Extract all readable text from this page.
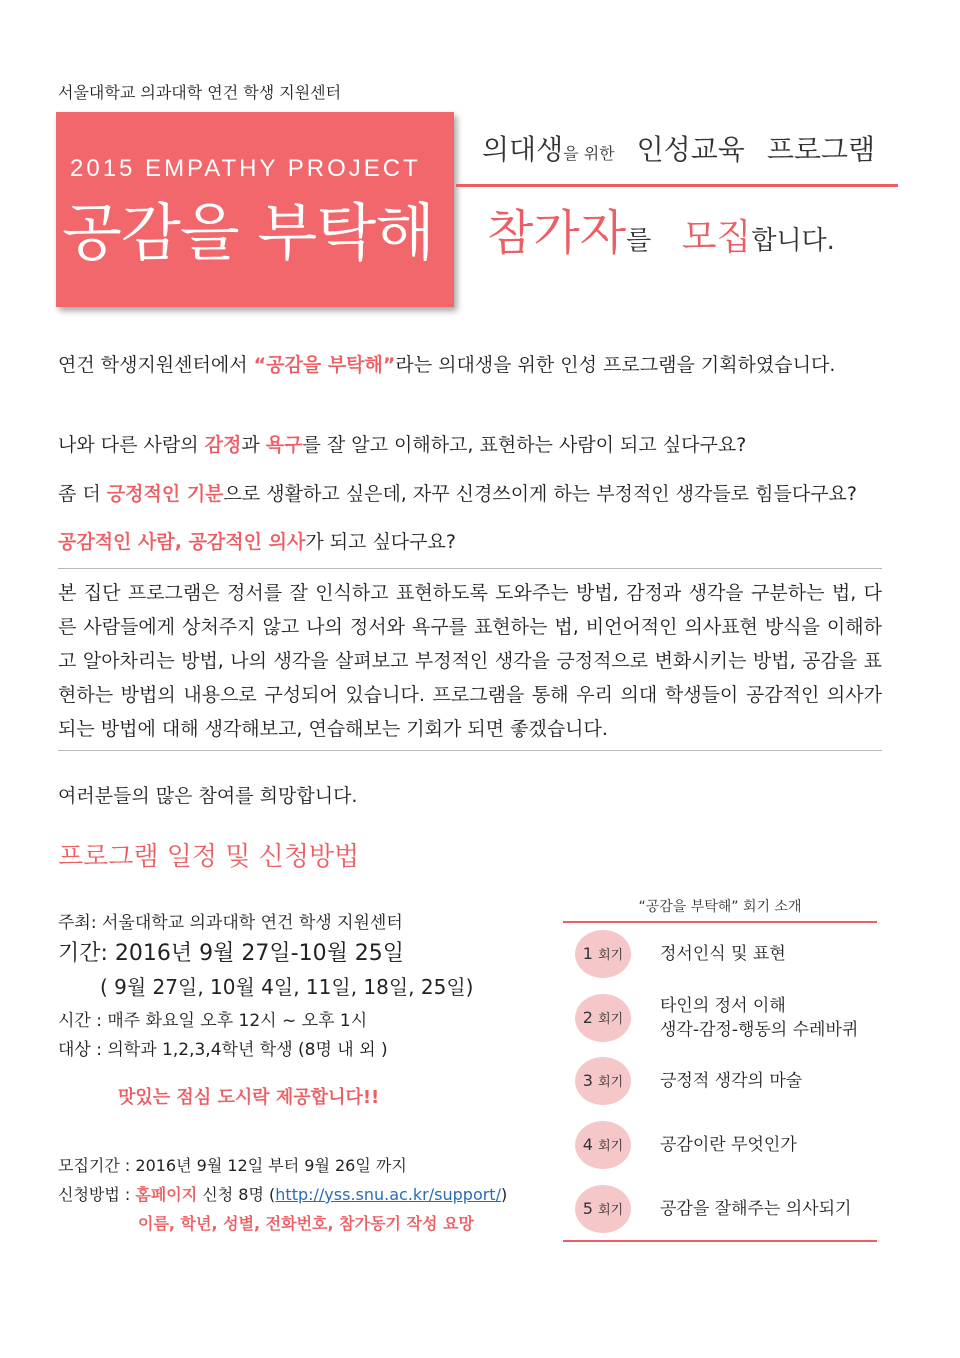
서울대학교 의과대학 연건 학생 지원센터
2015 EMPATHY PROJECT
공감을 부탁해
의대생을 위한 인성교육 프로그램
참가자를 모집합니다.
연건 학생지원센터에서 “공감을 부탁해”라는 의대생을 위한 인성 프로그램을 기획하였습니다.
나와 다른 사람의 감정과 욕구를 잘 알고 이해하고, 표현하는 사람이 되고 싶다구요?
좀 더 긍정적인 기분으로 생활하고 싶은데, 자꾸 신경쓰이게 하는 부정적인 생각들로 힘들다구요?
공감적인 사람, 공감적인 의사가 되고 싶다구요?
본 집단 프로그램은 정서를 잘 인식하고 표현하도록 도와주는 방법, 감정과 생각을 구분하는 법, 다른 사람들에게 상처주지 않고 나의 정서와 욕구를 표현하는 법, 비언어적인 의사표현 방식을 이해하고 알아차리는 방법, 나의 생각을 살펴보고 부정적인 생각을 긍정적으로 변화시키는 방법, 공감을 표현하는 방법의 내용으로 구성되어 있습니다. 프로그램을 통해 우리 의대 학생들이 공감적인 의사가 되는 방법에 대해 생각해보고, 연습해보는 기회가 되면 좋겠습니다.
여러분들의 많은 참여를 희망합니다.
프로그램 일정 및 신청방법
주최: 서울대학교 의과대학 연건 학생 지원센터
기간: 2016년 9월 27일-10월 25일
( 9월 27일, 10월 4일, 11일, 18일, 25일)
시간 : 매주 화요일 오후 12시 ~ 오후 1시
대상 : 의학과 1,2,3,4학년 학생 (8명 내 외 )
맛있는 점심 도시락 제공합니다!!
모집기간 : 2016년 9월 12일 부터 9월 26일 까지
신청방법 : 홈페이지 신청 8명 (http://yss.snu.ac.kr/support/)
이름, 학년, 성별, 전화번호, 참가동기 작성 요망
“공감을 부탁해” 회기 소개
1 회기	정서인식 및 표현
2 회기
타인의 정서 이해
생각-감정-행동의 수레바퀴
3 회기	긍정적 생각의 마술
4 회기	공감이란 무엇인가
5 회기	공감을 잘해주는 의사되기
